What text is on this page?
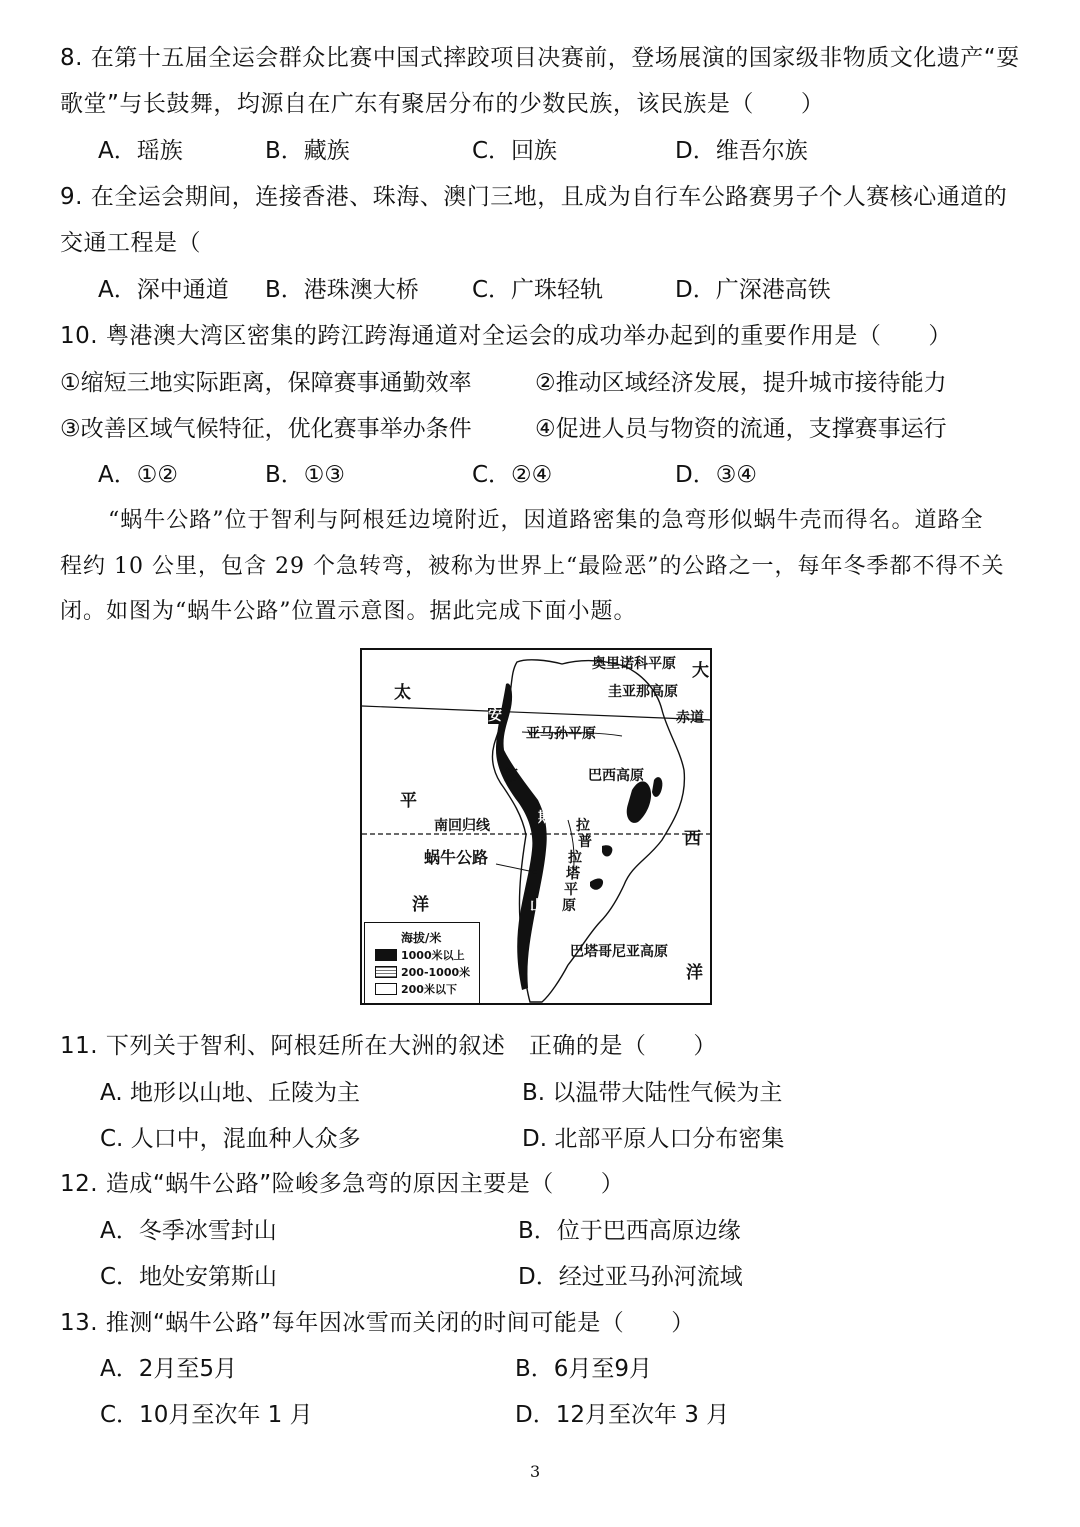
8. 在第十五届全运会群众比赛中国式摔跤项目决赛前，登场展演的国家级非物质文化遗产“耍
歌堂”与长鼓舞，均源自在广东有聚居分布的少数民族，该民族是（　　）
A．瑶族	B．藏族	C．回族	D．维吾尔族
9. 在全运会期间，连接香港、珠海、澳门三地，且成为自行车公路赛男子个人赛核心通道的
交通工程是（
A．深中通道 B．港珠澳大桥 C．广珠轻轨	D．广深港高铁
10. 粤港澳大湾区密集的跨江跨海通道对全运会的成功举办起到的重要作用是（　　）
①缩短三地实际距离，保障赛事通勤效率	②推动区域经济发展，提升城市接待能力
③改善区域气候特征，优化赛事举办条件	④促进人员与物资的流通，支撑赛事运行
A．①②	B．①③	C．②④	D．③④
“蜗牛公路”位于智利与阿根廷边境附近，因道路密集的急弯形似蜗牛壳而得名。道路全
程约 10 公里，包含 29 个急转弯，被称为世界上“最险恶”的公路之一，每年冬季都不得不关
闭。如图为“蜗牛公路”位置示意图。据此完成下面小题。
太
平
洋
大
西
洋
奥里诺科平原
圭亚那高原
赤道
亚马孙平原
巴西高原
南回归线
蜗牛公路
巴塔哥尼亚高原
拉
普
拉
塔
平
原
安
第
斯
山
海拔/米
1000米以上
200-1000米
200米以下
11. 下列关于智利、阿根廷所在大洲的叙述　正确的是（　　）
A. 地形以山地、丘陵为主	B. 以温带大陆性气候为主
C. 人口中，混血种人众多	D. 北部平原人口分布密集
12. 造成“蜗牛公路”险峻多急弯的原因主要是（　　）
A．冬季冰雪封山	B．位于巴西高原边缘
C．地处安第斯山	D．经过亚马孙河流域
13. 推测“蜗牛公路”每年因冰雪而关闭的时间可能是（　　）
A．2月至5月	B．6月至9月
C．10月至次年 1 月	D．12月至次年 3 月
3
